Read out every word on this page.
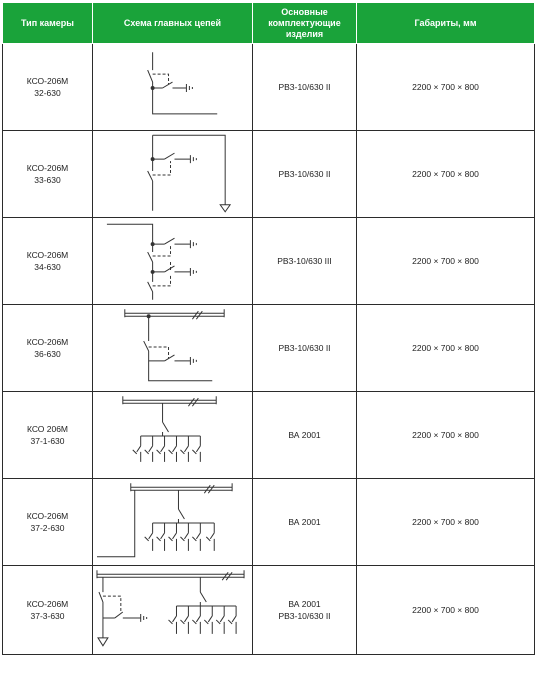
Тип камеры	Схема главных цепей	Основные
комплектующие
изделия	Габариты, мм

КСО-206М
32-630		РВЗ-10/630 II	2200 × 700 × 800

КСО-206М
33-630		РВЗ-10/630 II	2200 × 700 × 800

КСО-206М
34-630		РВЗ-10/630 III	2200 × 700 × 800

КСО-206М
36-630		РВЗ-10/630 II	2200 × 700 × 800

КСО 206М
37-1-630		ВА 2001	2200 × 700 × 800

КСО-206М
37-2-630		ВА 2001	2200 × 700 × 800

КСО-206М
37-3-630		ВА 2001
РВЗ-10/630 II	2200 × 700 × 800
